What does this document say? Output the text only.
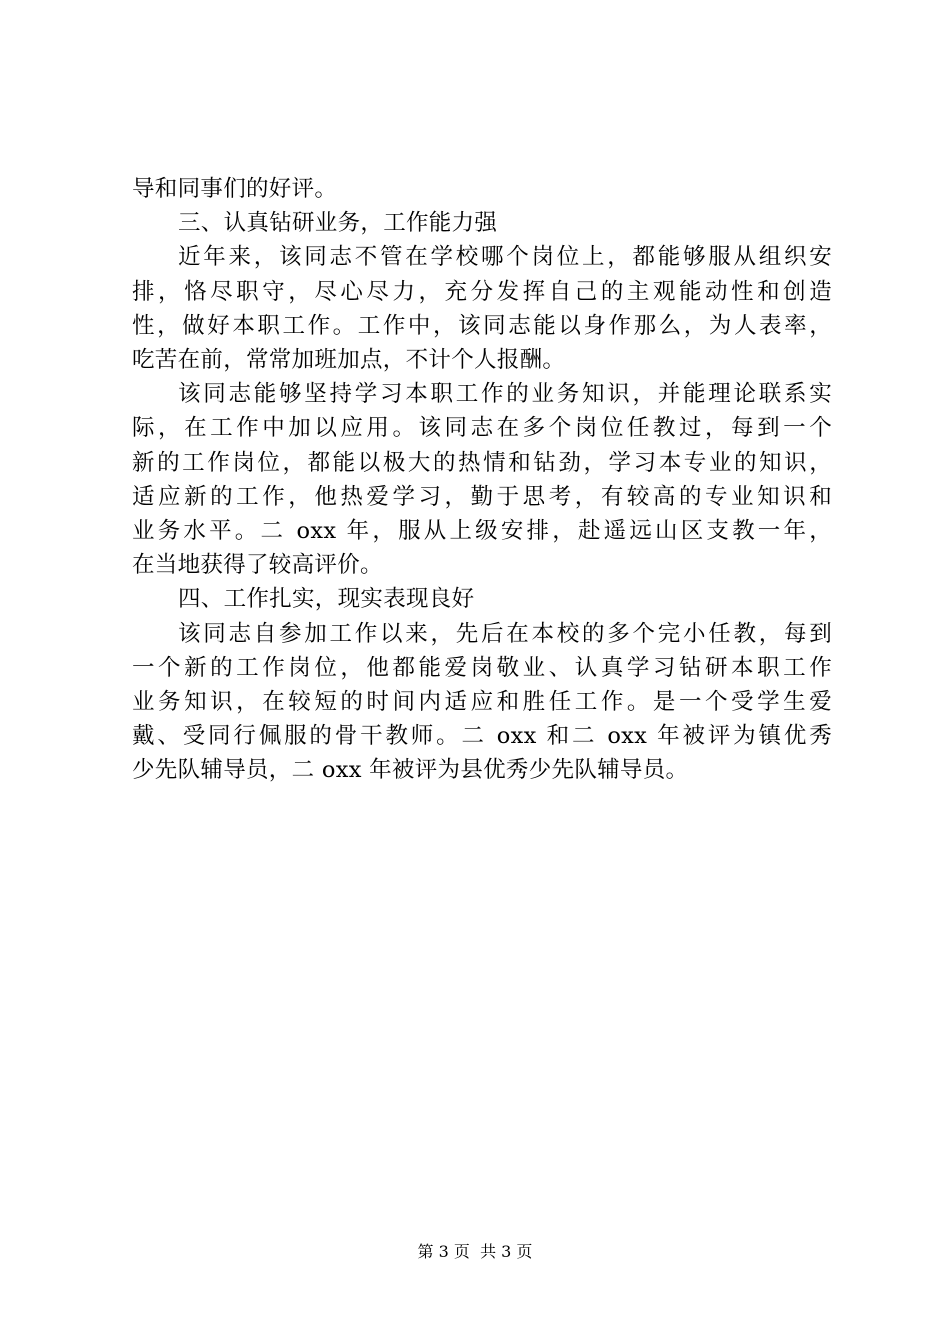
导和同事们的好评。
三、认真钻研业务，工作能力强
近年来，该同志不管在学校哪个岗位上，都能够服从组织安
排，恪尽职守，尽心尽力，充分发挥自己的主观能动性和创造
性，做好本职工作。工作中，该同志能以身作那么，为人表率，
吃苦在前，常常加班加点，不计个人报酬。
该同志能够坚持学习本职工作的业务知识，并能理论联系实
际，在工作中加以应用。该同志在多个岗位任教过，每到一个
新的工作岗位，都能以极大的热情和钻劲，学习本专业的知识，
适应新的工作，他热爱学习，勤于思考，有较高的专业知识和
业务水平。二 oxx 年，服从上级安排，赴遥远山区支教一年，
在当地获得了较高评价。
四、工作扎实，现实表现良好
该同志自参加工作以来，先后在本校的多个完小任教，每到
一个新的工作岗位，他都能爱岗敬业、认真学习钻研本职工作
业务知识，在较短的时间内适应和胜任工作。是一个受学生爱
戴、受同行佩服的骨干教师。二 oxx 和二 oxx 年被评为镇优秀
少先队辅导员，二 oxx 年被评为县优秀少先队辅导员。
第 3 页  共 3 页
